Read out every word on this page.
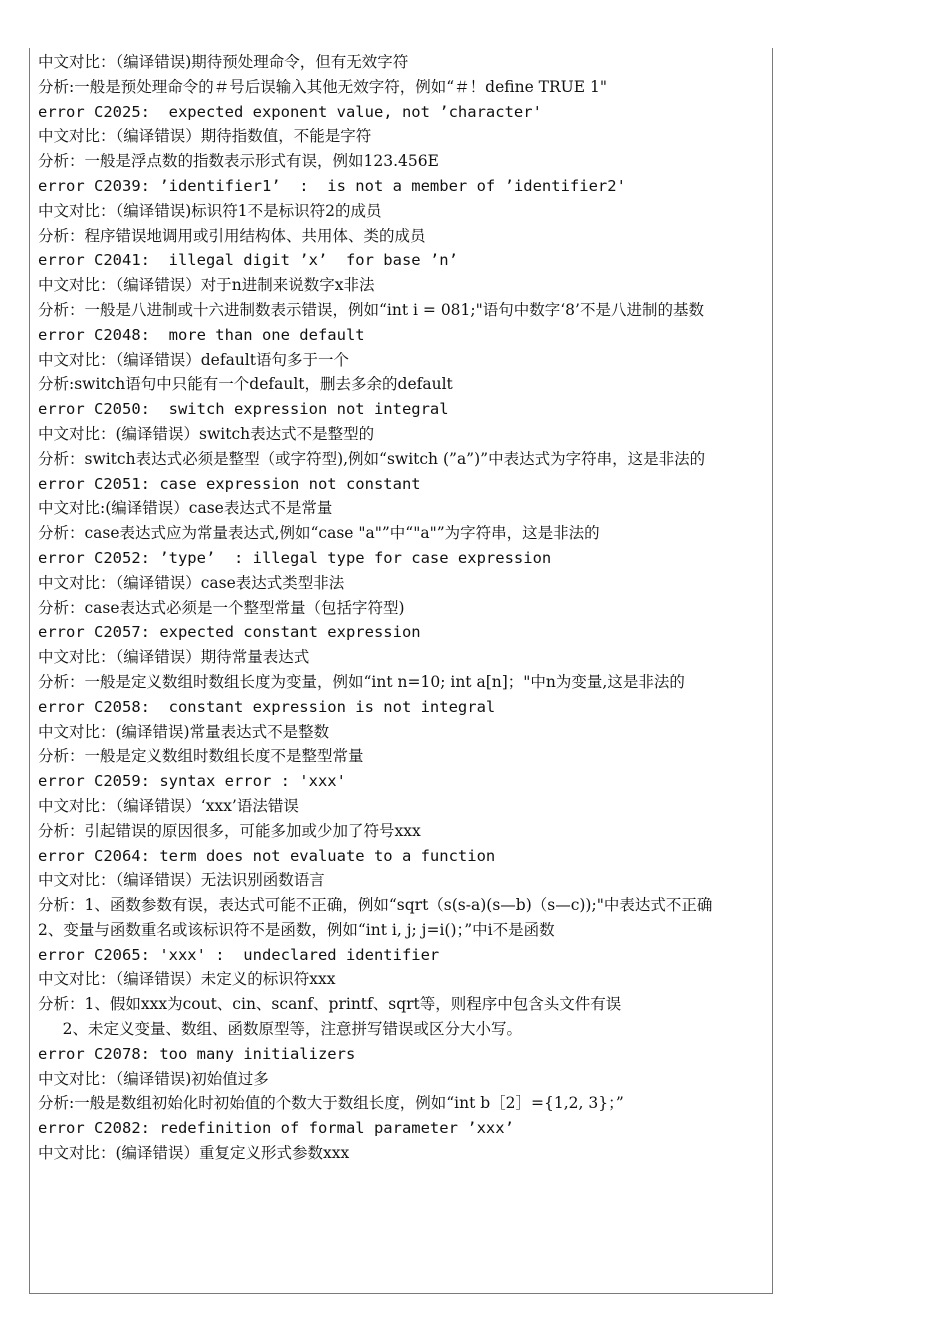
中文对比：（编译错误)期待预处理命令，但有无效字符
分析:一般是预处理命令的＃号后误输入其他无效字符，例如“＃！define TRUE 1"
error C2025:  expected exponent value, not ’character'
中文对比：（编译错误）期待指数值，不能是字符
分析：一般是浮点数的指数表示形式有误，例如123.456E
error C2039: ’identifier1’  :  is not a member of ’identifier2'
中文对比：（编译错误)标识符1不是标识符2的成员
分析：程序错误地调用或引用结构体、共用体、类的成员
error C2041:  illegal digit ’x’  for base ’n’
中文对比：（编译错误）对于n进制来说数字x非法
分析：一般是八进制或十六进制数表示错误，例如“int i = 081;"语句中数字‘8’不是八进制的基数
error C2048:  more than one default
中文对比：（编译错误）default语句多于一个
分析:switch语句中只能有一个default，删去多余的default
error C2050:  switch expression not integral
中文对比：(编译错误）switch表达式不是整型的
分析：switch表达式必须是整型（或字符型),例如“switch (”a”)”中表达式为字符串，这是非法的
error C2051: case expression not constant
中文对比:(编译错误）case表达式不是常量
分析：case表达式应为常量表达式,例如“case "a"”中“"a"”为字符串，这是非法的
error C2052: ’type’  : illegal type for case expression
中文对比：（编译错误）case表达式类型非法
分析：case表达式必须是一个整型常量（包括字符型)
error C2057: expected constant expression
中文对比：（编译错误）期待常量表达式
分析：一般是定义数组时数组长度为变量，例如“int n=10; int a[n]；"中n为变量,这是非法的
error C2058:  constant expression is not integral
中文对比：(编译错误)常量表达式不是整数
分析：一般是定义数组时数组长度不是整型常量
error C2059: syntax error : 'xxx'
中文对比：（编译错误）‘xxx’语法错误
分析：引起错误的原因很多，可能多加或少加了符号xxx
error C2064: term does not evaluate to a function
中文对比：（编译错误）无法识别函数语言
分析：1、函数参数有误，表达式可能不正确，例如“sqrt（s(s-a)(s—b)（s—c));"中表达式不正确
2、变量与函数重名或该标识符不是函数，例如“int i, j; j=i()；”中i不是函数
error C2065: 'xxx' :  undeclared identifier
中文对比：（编译错误）未定义的标识符xxx
分析：1、假如xxx为cout、cin、scanf、printf、sqrt等，则程序中包含头文件有误
2、未定义变量、数组、函数原型等，注意拼写错误或区分大小写。
error C2078: too many initializers
中文对比：（编译错误)初始值过多
分析:一般是数组初始化时初始值的个数大于数组长度，例如“int b［2］={1,2, 3}；”
error C2082: redefinition of formal parameter ’xxx’
中文对比：(编译错误）重复定义形式参数xxx
